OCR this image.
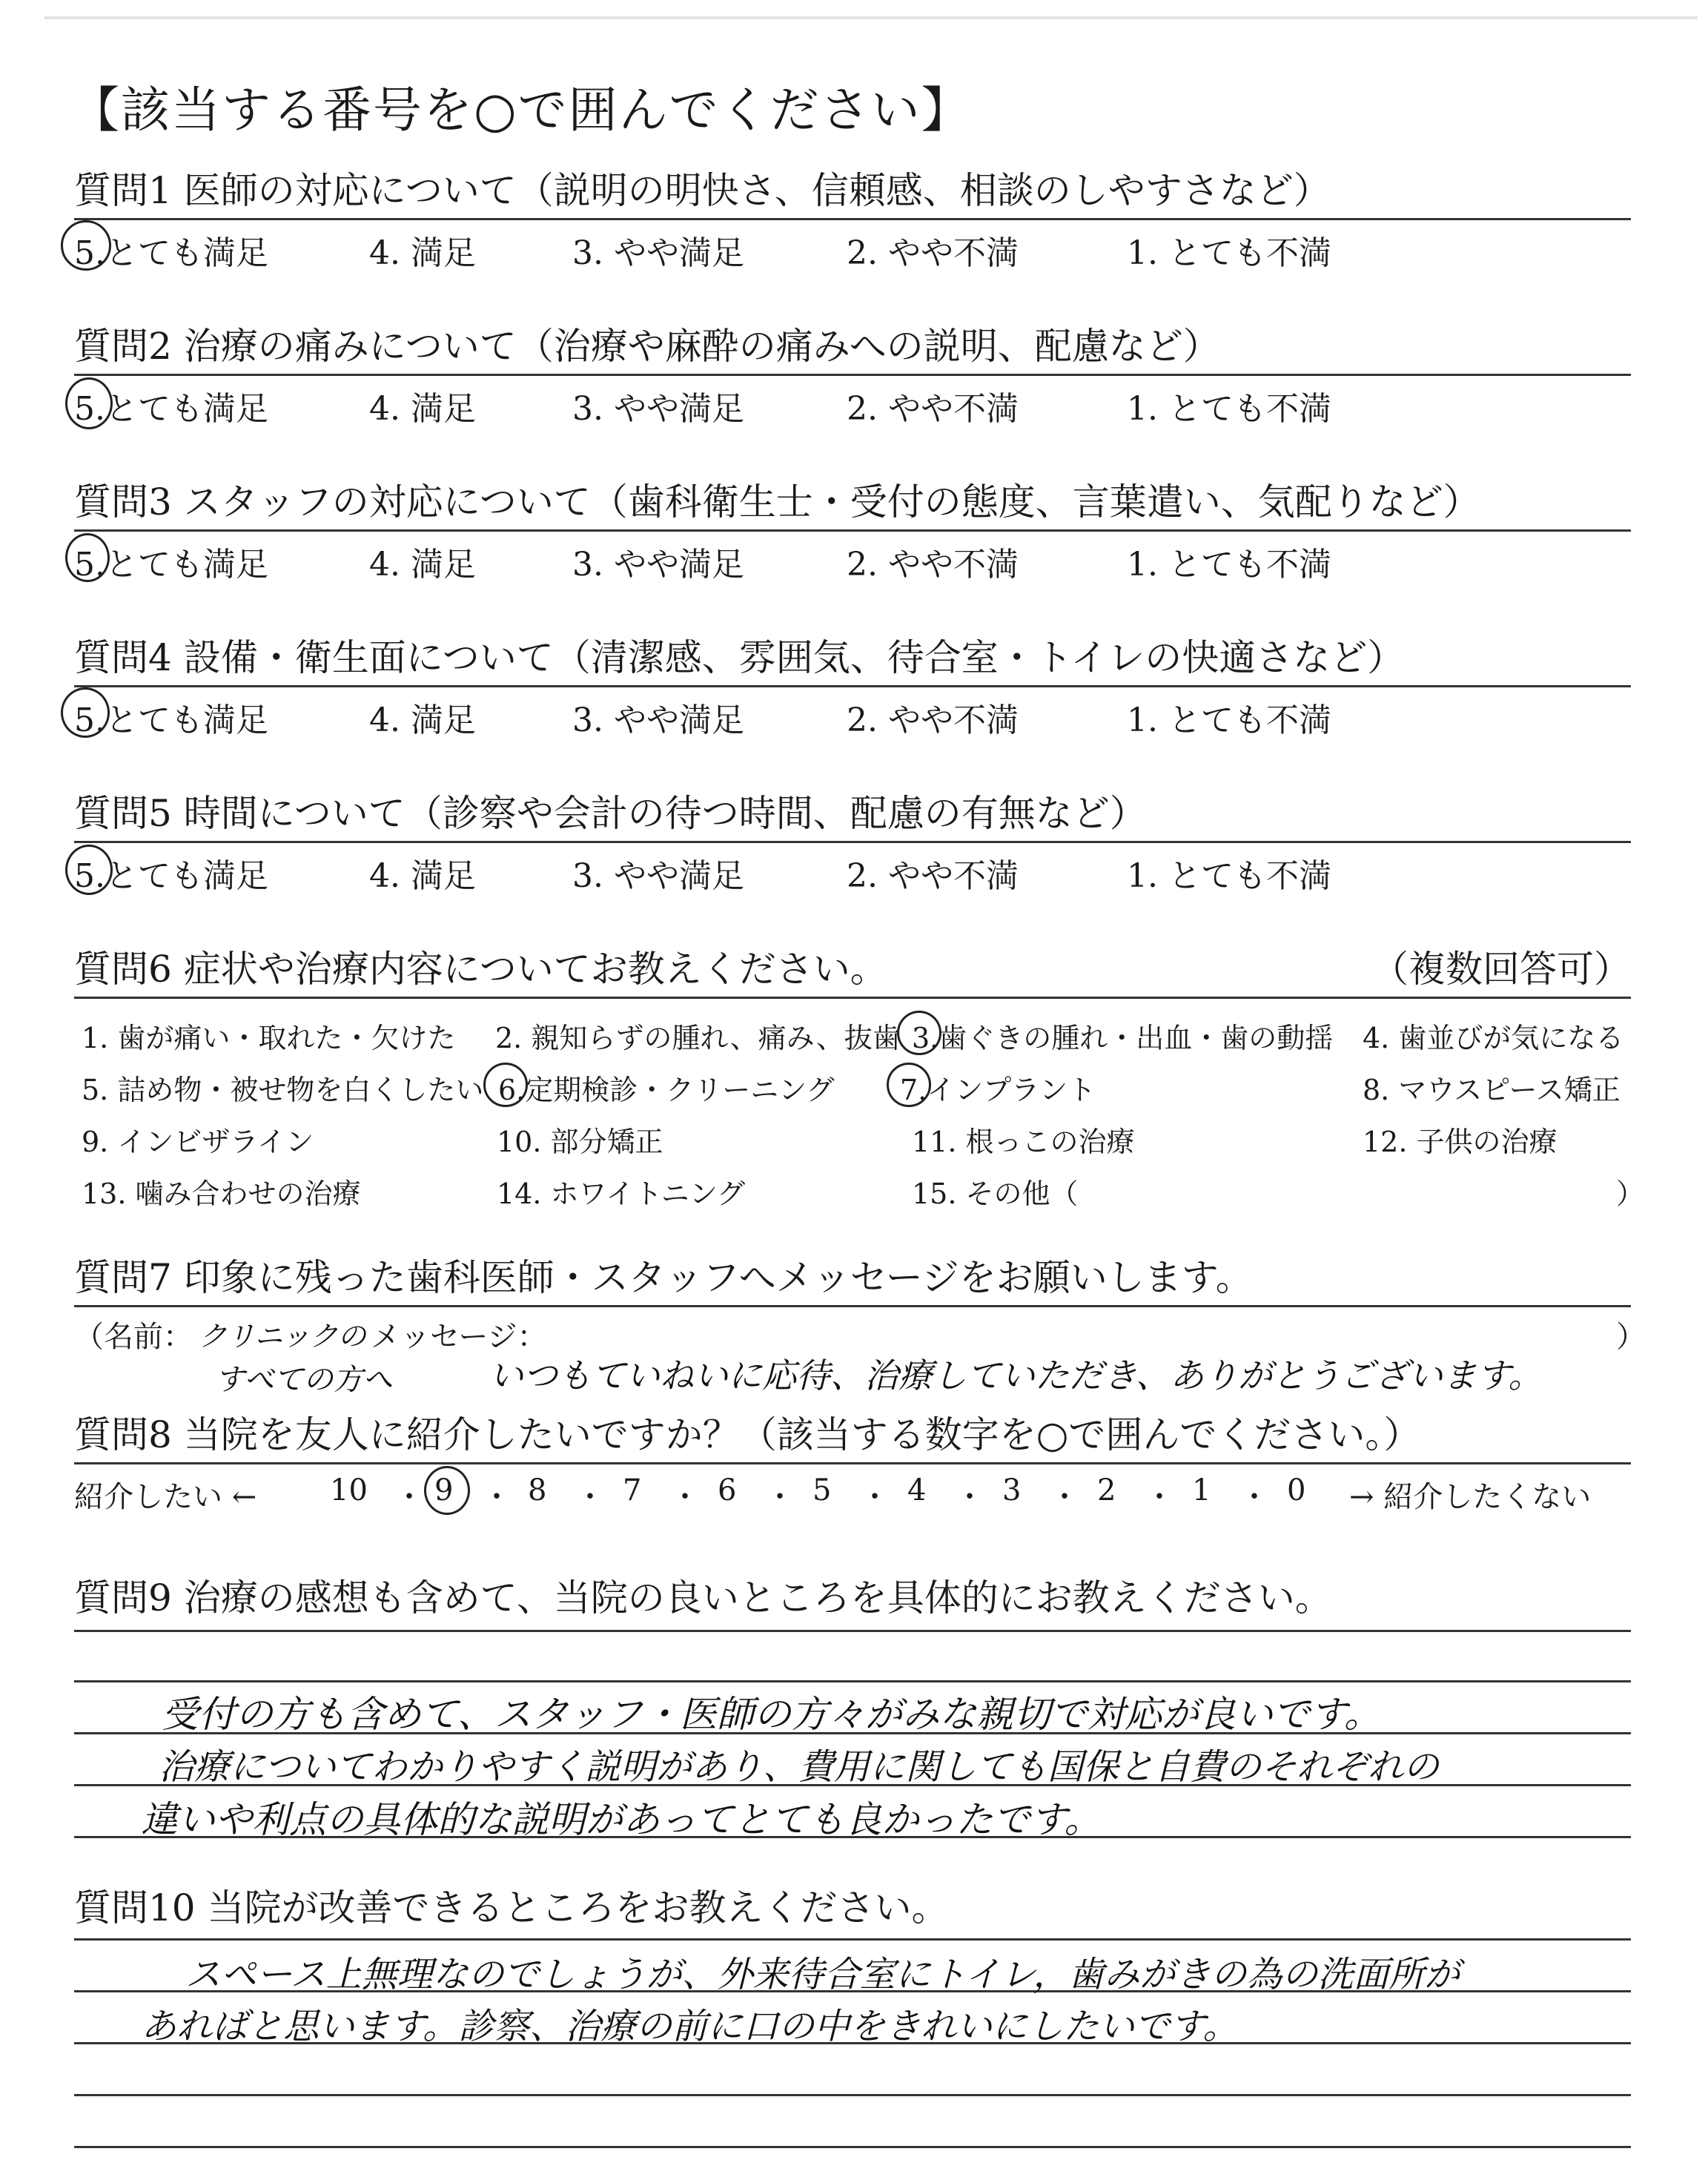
【該当する番号を○で囲んでください】
質問1 医師の対応について（説明の明快さ、信頼感、相談のしやすさなど）
5.とても満足	4. 満足	3. やや満足	2. やや不満	1. とても不満
質問2 治療の痛みについて（治療や麻酔の痛みへの説明、配慮など）
5.とても満足	4. 満足	3. やや満足	2. やや不満	1. とても不満
質問3 スタッフの対応について（歯科衛生士・受付の態度、言葉遣い、気配りなど）
5.とても満足	4. 満足	3. やや満足	2. やや不満	1. とても不満
質問4 設備・衛生面について（清潔感、雰囲気、待合室・トイレの快適さなど）
5.とても満足	4. 満足	3. やや満足	2. やや不満	1. とても不満
質問5 時間について（診察や会計の待つ時間、配慮の有無など）
5.とても満足	4. 満足	3. やや満足	2. やや不満	1. とても不満
質問6 症状や治療内容についてお教えください。	（複数回答可）
1. 歯が痛い・取れた・欠けた 2. 親知らずの腫れ、痛み、抜歯 3.歯ぐきの腫れ・出血・歯の動揺 4. 歯並びが気になる
5. 詰め物・被せ物を白くしたい 6.定期検診・クリーニング 7.インプラント	8. マウスピース矯正
9. インビザライン	10. 部分矯正	11. 根っこの治療	12. 子供の治療
13. 噛み合わせの治療	14. ホワイトニング	15. その他（	）
質問7 印象に残った歯科医師・スタッフへメッセージをお願いします。
（名前： クリニックの
すべての方へ
メッセージ：	）
いつもていねいに応待、治療していただき、ありがとうございます。
質問8 当院を友人に紹介したいですか？（該当する数字を○で囲んでください。）
紹介したい ← 10 ・ 9 ・ 8 ・ 7 ・ 6 ・ 5 ・ 4 ・ 3 ・ 2 ・ 1 ・ 0 → 紹介したくない
質問9 治療の感想も含めて、当院の良いところを具体的にお教えください。
受付の方も含めて、スタッフ・医師の方々がみな親切で対応が良いです。
治療についてわかりやすく説明があり、費用に関しても国保と自費のそれぞれの
違いや利点の具体的な説明があってとても良かったです。
質問10 当院が改善できるところをお教えください。
スペース上無理なのでしょうが、外来待合室にトイレ，歯みがきの為の洗面所が
あればと思います。診察、治療の前に口の中をきれいにしたいです。
